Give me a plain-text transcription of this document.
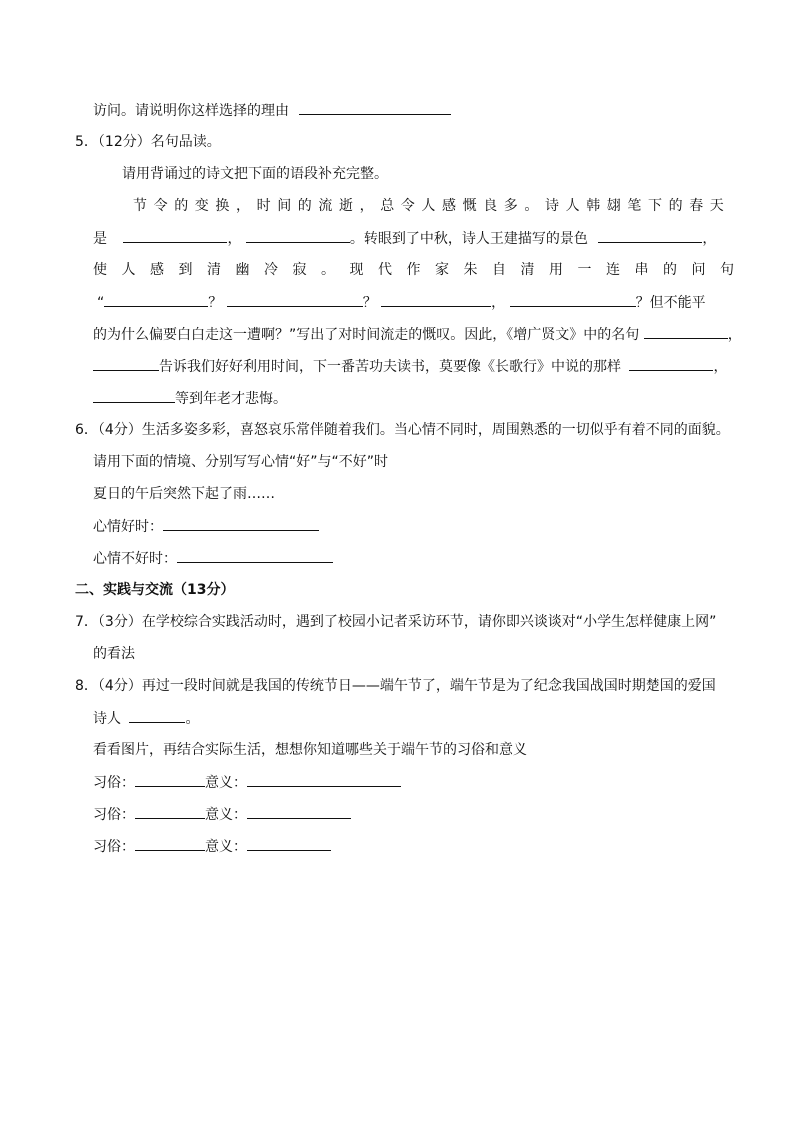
访问。请说明你这样选择的理由
5．（12分）名句品读。
请用背诵过的诗文把下面的语段补充完整。
节令的变换，时间的流逝，总令人感慨良多。诗人韩翃笔下的春天
是	，	。转眼到了中秋，诗人王建描写的景色	，
使人感到清幽冷寂。现代作家朱自清用一连串的问句
“	？	？	，	？但不能平
的为什么偏要白白走这一遭啊？”写出了对时间流走的慨叹。因此，《增广贤文》中的名句	，
告诉我们好好利用时间，下一番苦功夫读书，莫要像《长歌行》中说的那样	，
等到年老才悲悔。
6．（4分）生活多姿多彩，喜怒哀乐常伴随着我们。当心情不同时，周围熟悉的一切似乎有着不同的面貌。
请用下面的情境、分别写写心情“好”与“不好”时
夏日的午后突然下起了雨……
心情好时：
心情不好时：
二、实践与交流（13分）
7．（3分）在学校综合实践活动时，遇到了校园小记者采访环节，请你即兴谈谈对“小学生怎样健康上网”
的看法
8．（4分）再过一段时间就是我国的传统节日——端午节了，端午节是为了纪念我国战国时期楚国的爱国
诗人	。
看看图片，再结合实际生活，想想你知道哪些关于端午节的习俗和意义
习俗：	意义：
习俗：	意义：
习俗：	意义：
